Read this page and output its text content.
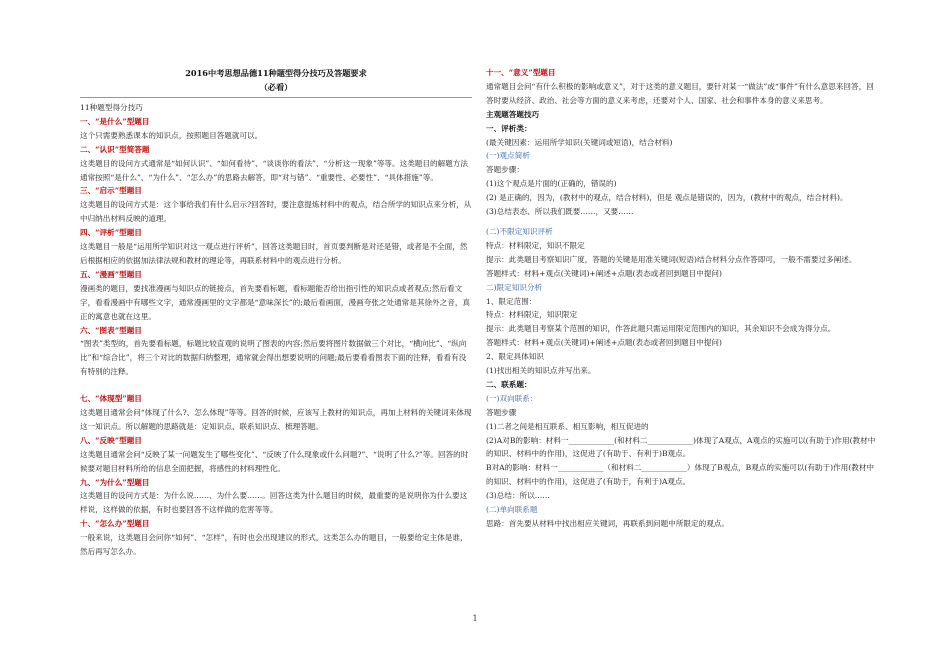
2016中考思想品德11种题型得分技巧及答题要求
（必看）

11种题型得分技巧

一、“是什么”型题目

这个只需要熟悉课本的知识点，按照题目答题就可以。

二、“认识”型简答题

这类题目的设问方式通常是“如何认识”、“如何看待”、“谈谈你的看法”、“分析这一现象”等等。这类题目的解题方法通常按照“是什么”、“为什么”、“怎么办”的思路去解答，即“对与错”、“重要性、必要性”、“具体措施”等。

三、“启示”型题目

这类题目的设问方式是：这个事给我们有什么启示?回答时，要注意提炼材料中的观点，结合所学的知识点来分析，从中归纳出材料反映的道理。

四、“评析”型题目

这类题目一般是“运用所学知识对这一观点进行评析”，回答这类题目时，首页要判断是对还是错，或者是不全面，然后根据相应的依据加法律法规和教材的理论等，再联系材料中的观点进行分析。

五、“漫画”型题目

漫画类的题目，要找准漫画与知识点的链接点，首先要看标题，看标题能否给出指引性的知识点或者观点;然后看文字，看看漫画中有哪些文字，通常漫画里的文字都是“意味深长”的;最后看画面，漫画夸张之处通常是其徐外之音，真正的寓意也就在这里。

六、“图表”型题目

“图表”类型的，首先要看标题，标题比较直观的说明了图表的内容;然后要将图片数据做三个对比，“横向比”、“纵向比”和“综合比”，将三个对比的数据归纳整理，通常就会得出想要说明的问题;最后要看看图表下面的注释，看看有没有特别的注释。

七、“体现型”题目

这类题目通常会问“体现了什么?、怎么体现”等等。回答的时候，应该写上教材的知识点，再加上材料的关键词来体现这一知识点。所以解题的思路就是：定知识点、联系知识点、梳理答题。

八、“反映”型题目

这类题目通常会问“反映了某一问题发生了哪些变化”、“反映了什么现象或什么问题?”、“说明了什么?”等。回答的时候要对题目材料所给的信息全面把握，将感性的材料理性化。

九、“为什么”型题目

这类题目的设问方式是：为什么说……、为什么要……。回答这类为什么题目的时候，最重要的是说明你为什么要这样说，这样做的依据，有时也要回答不这样做的危害等等。

十、“怎么办”型题目

一般来说，这类题目会问你“如何”、“怎样”，有时也会出现建议的形式，这类怎么办的题目，一般要给定主体是谁，然后再写怎么办。

十一、“意义”型题目

通常题目会问“有什么积极的影响或意义”，对于这类的意义题目，要针对某一“做法”或“事件”有什么意思来回答，回答时要从经济、政治、社会等方面的意义来考虑，还要对个人、国家、社会和事件本身的意义来思考。

主观题答题技巧

一、评析类：

(最关键因素：运用所学知识(关键词或短语)，结合材料)

(一)观点简析

答题步骤：

(1)这个观点是片面的(正确的，错误的)

(2) 是正确的，因为，(教材中的观点，结合材料)，但是 观点是错误的，因为，(教材中的观点，结合材料)。

(3)总结表态、所以我们既要……，又要……

(二)不限定知识评析

特点：材料限定，知识不限定

提示：此类题目考察知识广度，答题的关键是用准关键词(短语)结合材料分点作答即可，一般不需要过多阐述。

答题样式：材料+观点(关键词)+阐述+点题(表态或者回到题目中提问)

二)限定知识分析

1、限定范围：

特点：材料限定，知识限定

提示：此类题目考察某个范围的知识，作答此题只需运用限定范围内的知识，其余知识不会成为得分点。

答题样式：材料+观点(关键词)+阐述+点题(表态或者回到题目中提问)

2、限定具体知识

(1)找出相关的知识点并写出来。

二、联系题：

(一)双向联系：

答题步骤

(1)二者之间是相互联系、相互影响，相互促进的

(2)A对B的影响：材料一____________(和材料二____________)体现了A观点，A观点的实施可以(有助于)作用(教材中的知识、材料中的作用)，这促进了(有助于、有利于)B观点。

B对A的影响：材料一____________（和材料二____________）体现了B观点，B观点的实施可以(有助于)作用(教材中的知识、材料中的作用)，这促进了(有助于，有利于)A观点。

(3)总结：所以……

(二)单向联系题

思路：首先要从材料中找出相应关键词，再联系到问题中所限定的观点。

1
